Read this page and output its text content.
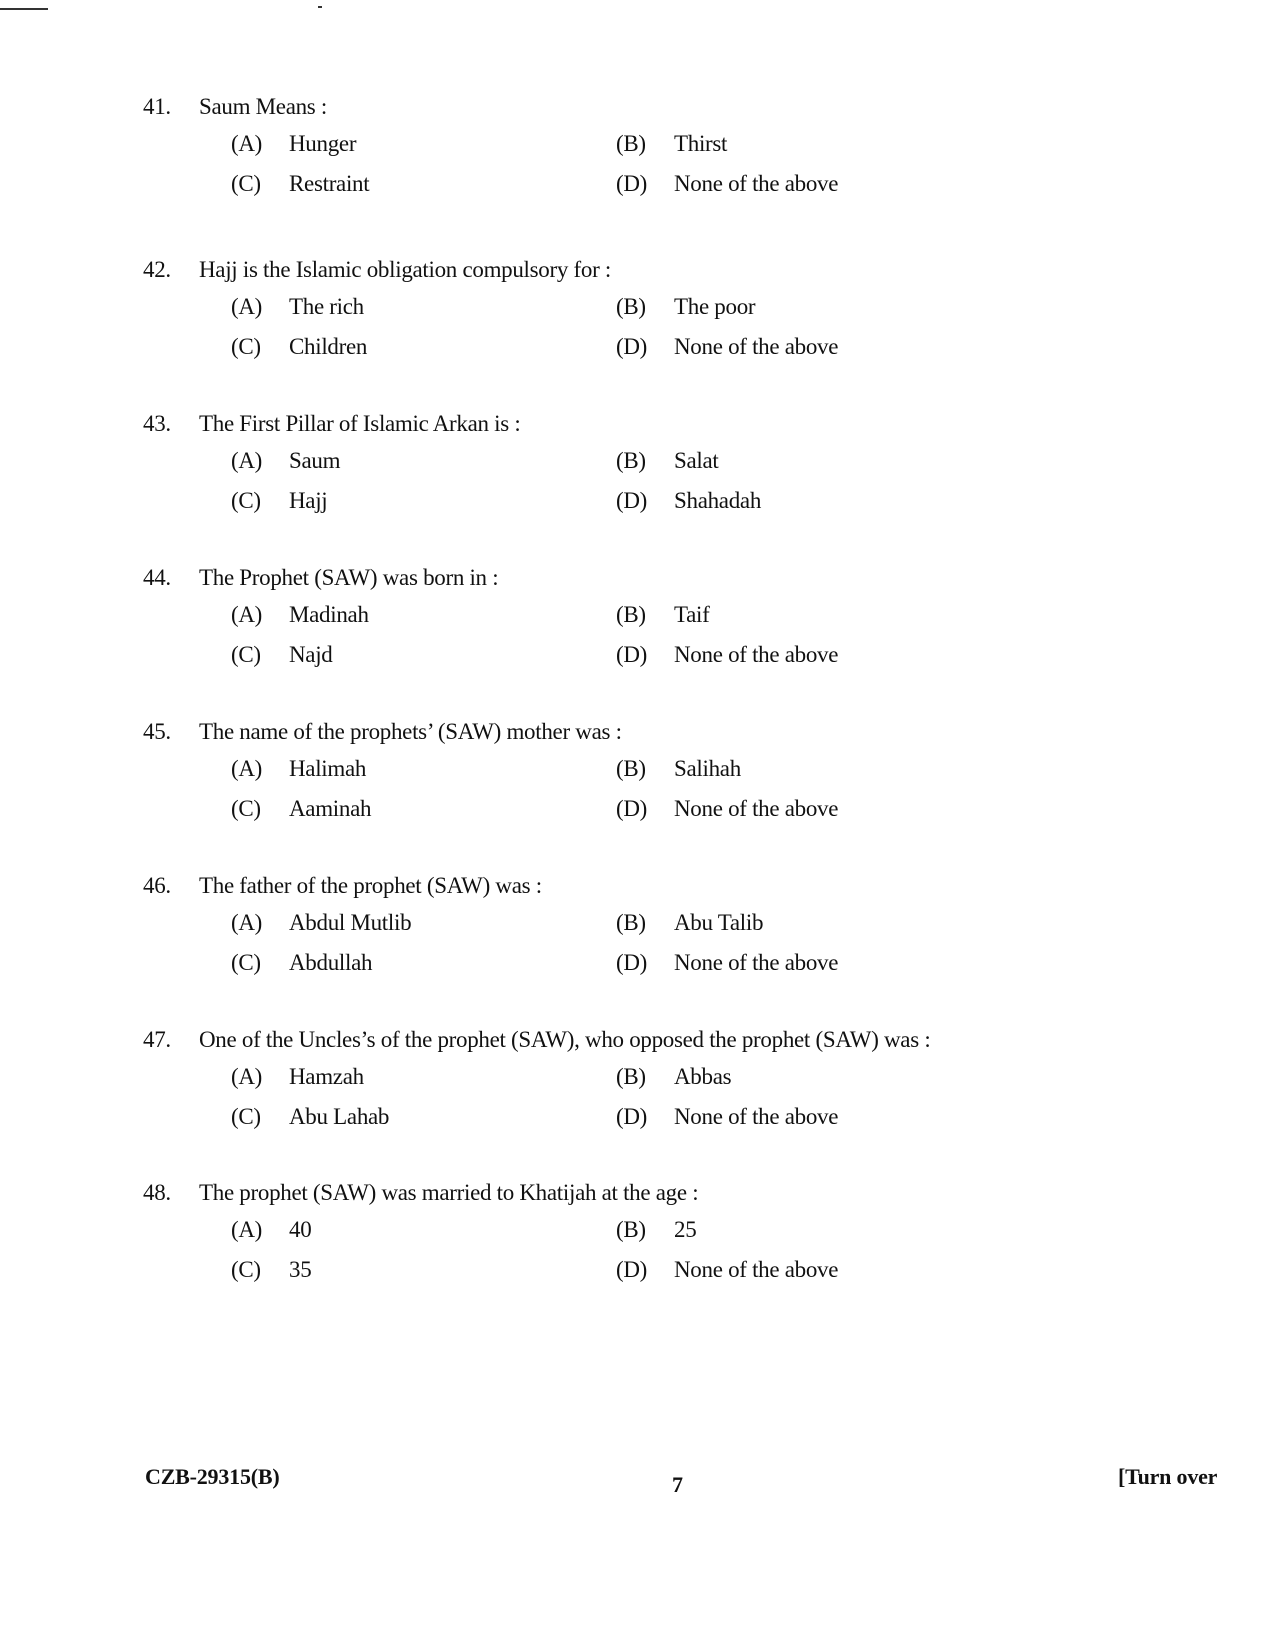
41. Saum Means :
(A) Hunger	(B) Thirst
(C) Restraint	(D) None of the above
42. Hajj is the Islamic obligation compulsory for :
(A) The rich	(B) The poor
(C) Children	(D) None of the above
43. The First Pillar of Islamic Arkan is :
(A) Saum	(B) Salat
(C) Hajj	(D) Shahadah
44. The Prophet (SAW) was born in :
(A) Madinah	(B) Taif
(C) Najd	(D) None of the above
45. The name of the prophets’ (SAW) mother was :
(A) Halimah	(B) Salihah
(C) Aaminah	(D) None of the above
46. The father of the prophet (SAW) was :
(A) Abdul Mutlib	(B) Abu Talib
(C) Abdullah	(D) None of the above
47. One of the Uncles’s of the prophet (SAW), who opposed the prophet (SAW) was :
(A) Hamzah	(B) Abbas
(C) Abu Lahab	(D) None of the above
48. The prophet (SAW) was married to Khatijah at the age :
(A) 40	(B) 25
(C) 35	(D) None of the above
CZB-29315(B)	7	[Turn over
